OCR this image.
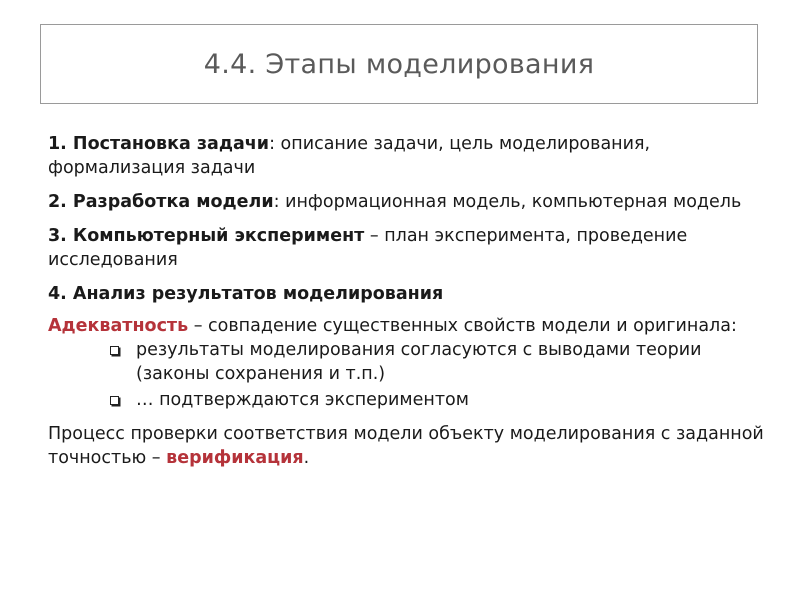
4.4. Этапы моделирования
1. Постановка задачи: описание задачи, цель моделирования, формализация задачи
2. Разработка модели: информационная модель, компьютерная модель
3. Компьютерный эксперимент – план эксперимента, проведение исследования
4. Анализ результатов моделирования
Адекватность – совпадение существенных свойств модели и оригинала:
результаты моделирования согласуются с выводами теории (законы сохранения и т.п.)
… подтверждаются экспериментом
Процесс проверки соответствия модели объекту моделирования с заданной точностью – верификация.
